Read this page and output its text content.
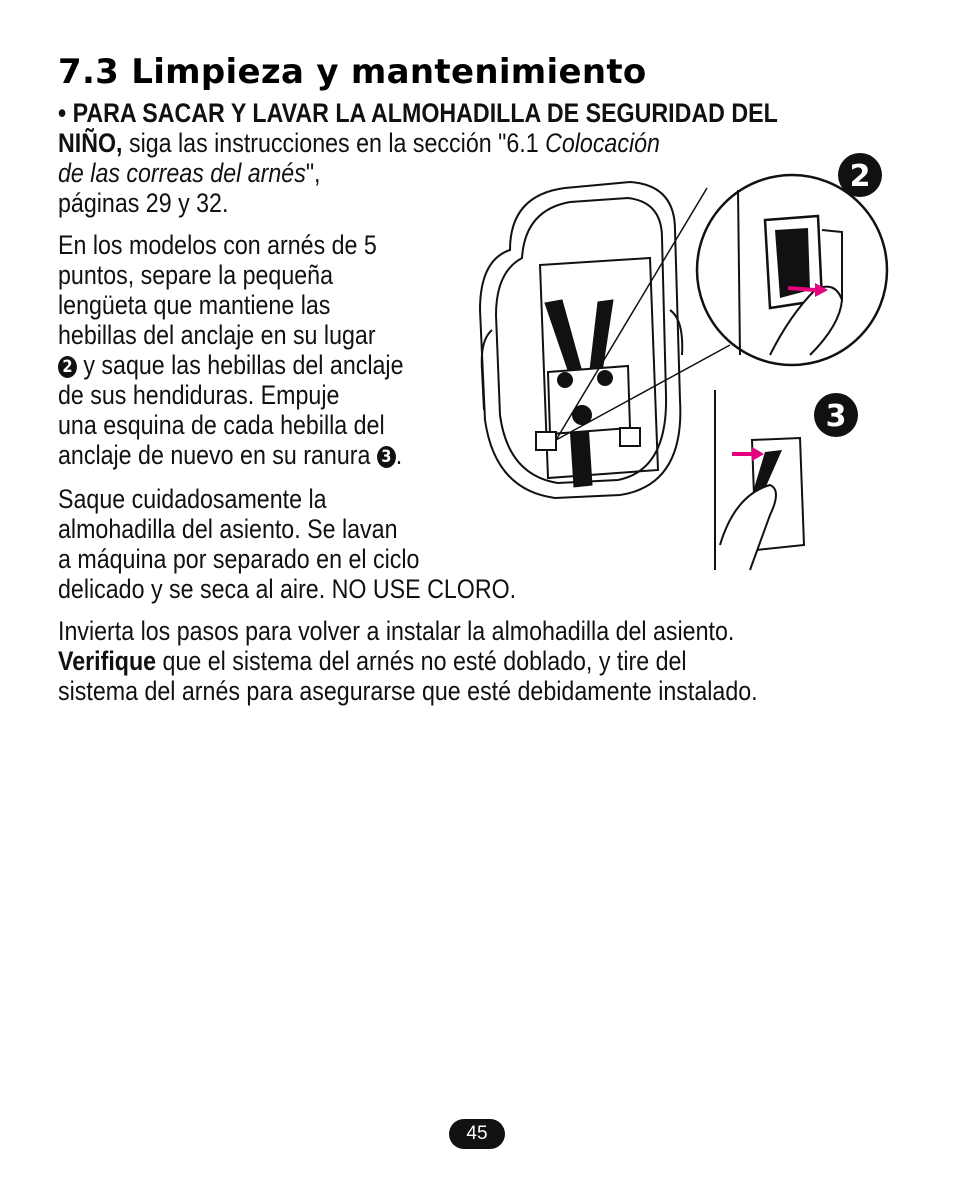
7.3 Limpieza y mantenimiento
• PARA SACAR Y LAVAR LA ALMOHADILLA DE SEGURIDAD DEL
NIÑO, siga las instrucciones en la sección "6.1 Colocación
de las correas del arnés",
páginas 29 y 32.
En los modelos con arnés de 5
puntos, separe la pequeña
lengüeta que mantiene las
hebillas del anclaje en su lugar
2 y saque las hebillas del anclaje
de sus hendiduras. Empuje
una esquina de cada hebilla del
anclaje de nuevo en su ranura 3 .
Saque cuidadosamente la
almohadilla del asiento. Se lavan
a máquina por separado en el ciclo
delicado y se seca al aire. NO USE CLORO.
Invierta los pasos para volver a instalar la almohadilla del asiento.
Verifique que el sistema del arnés no esté doblado, y tire del
sistema del arnés para asegurarse que esté debidamente instalado.
2
3
45
